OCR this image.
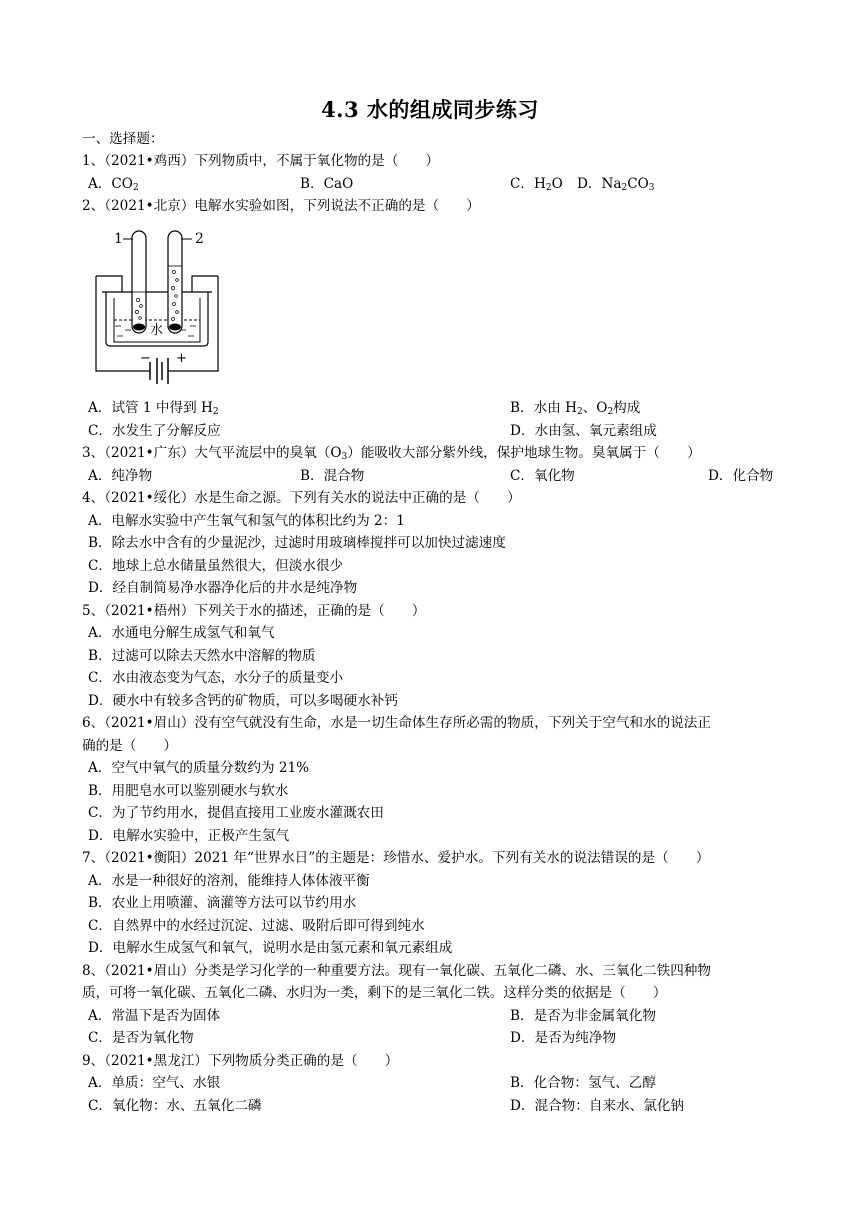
4.3 水的组成同步练习
一、选择题：
1、（2021•鸡西）下列物质中，不属于氧化物的是（　　）
A．$CO_2$	B．CaO	C．$H_2O$ D．$Na_2CO_3$
2、（2021•北京）电解水实验如图，下列说法不正确的是（　　）
1	2
水
− +
A．试管 1 中得到 $H_2$	B．水由 $H_2$、$O_2$构成
C．水发生了分解反应	D．水由氢、氧元素组成
3、（2021•广东）大气平流层中的臭氧$(O_3)$能吸收大部分紫外线，保护地球生物。臭氧属于（　　）
A．纯净物	B．混合物	C．氧化物	D．化合物
4、（2021•绥化）水是生命之源。下列有关水的说法中正确的是（　　）
A．电解水实验中产生氧气和氢气的体积比约为 2：1
B．除去水中含有的少量泥沙，过滤时用玻璃棒搅拌可以加快过滤速度
C．地球上总水储量虽然很大，但淡水很少
D．经自制简易净水器净化后的井水是纯净物
5、（2021•梧州）下列关于水的描述，正确的是（　　）
A．水通电分解生成氢气和氧气
B．过滤可以除去天然水中溶解的物质
C．水由液态变为气态，水分子的质量变小
D．硬水中有较多含钙的矿物质，可以多喝硬水补钙
6、（2021•眉山）没有空气就没有生命，水是一切生命体生存所必需的物质，下列关于空气和水的说法正
确的是（　　）
A．空气中氧气的质量分数约为 21%
B．用肥皂水可以鉴别硬水与软水
C．为了节约用水，提倡直接用工业废水灌溉农田
D．电解水实验中，正极产生氢气
7、（2021•衡阳）2021 年“世界水日”的主题是：珍惜水、爱护水。下列有关水的说法错误的是（　　）
A．水是一种很好的溶剂，能维持人体体液平衡
B．农业上用喷灌、滴灌等方法可以节约用水
C．自然界中的水经过沉淀、过滤、吸附后即可得到纯水
D．电解水生成氢气和氧气，说明水是由氢元素和氧元素组成
8、（2021•眉山）分类是学习化学的一种重要方法。现有一氧化碳、五氧化二磷、水、三氧化二铁四种物
质，可将一氧化碳、五氧化二磷、水归为一类，剩下的是三氧化二铁。这样分类的依据是（　　）
A．常温下是否为固体	B．是否为非金属氧化物
C．是否为氧化物	D．是否为纯净物
9、（2021•黑龙江）下列物质分类正确的是（　　）
A．单质：空气、水银	B．化合物：氢气、乙醇
C．氧化物：水、五氧化二磷	D．混合物：自来水、氯化钠
